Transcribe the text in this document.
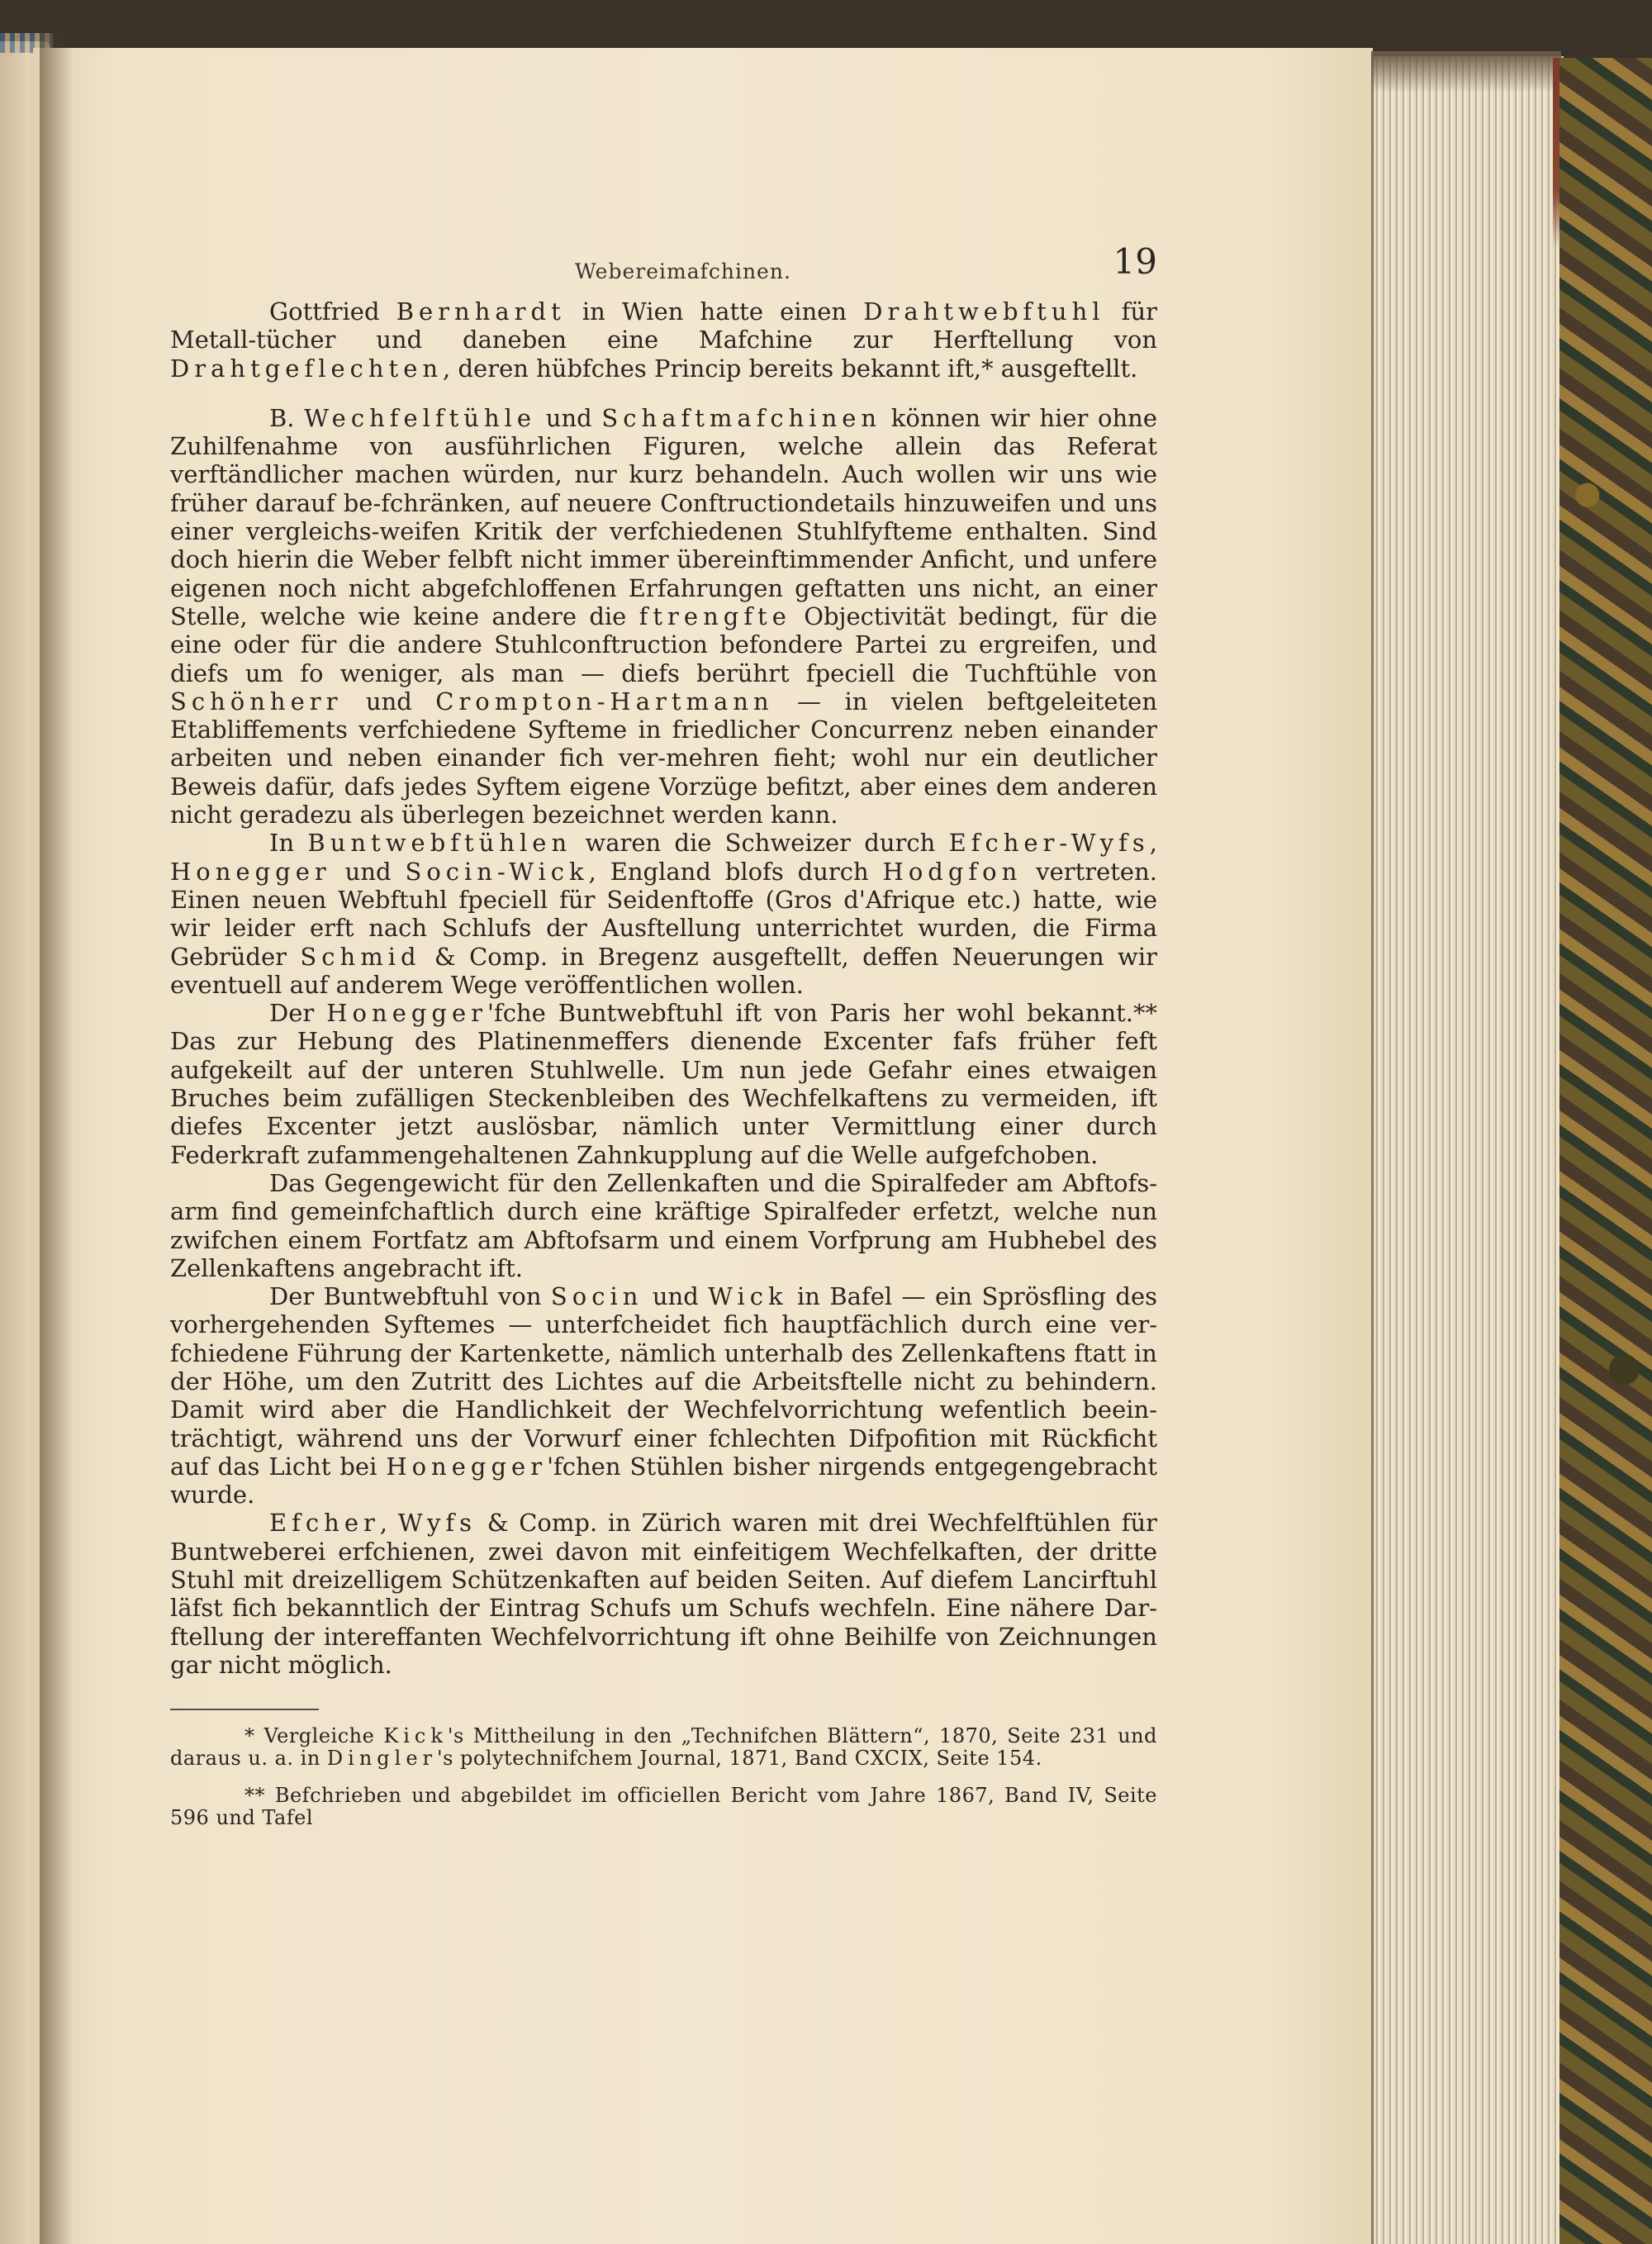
Webereimafchinen.	19

Gottfried Bernhardt in Wien hatte einen Drahtwebftuhl für Metall-tücher und daneben eine Mafchine zur Herftellung von Drahtgeflechten, deren hübfches Princip bereits bekannt ift,* ausgeftellt.

B. Wechfelftühle und Schaftmafchinen können wir hier ohne Zuhilfenahme von ausführlichen Figuren, welche allein das Referat verftändlicher machen würden, nur kurz behandeln. Auch wollen wir uns wie früher darauf be-fchränken, auf neuere Conftructiondetails hinzuweifen und uns einer vergleichs-weifen Kritik der verfchiedenen Stuhlfyfteme enthalten. Sind doch hierin die Weber felbft nicht immer übereinftimmender Anficht, und unfere eigenen noch nicht abgefchloffenen Erfahrungen geftatten uns nicht, an einer Stelle, welche wie keine andere die ftrengfte Objectivität bedingt, für die eine oder für die andere Stuhlconftruction befondere Partei zu ergreifen, und diefs um fo weniger, als man — diefs berührt fpeciell die Tuchftühle von Schönherr und Crompton-Hartmann — in vielen beftgeleiteten Etabliffements verfchiedene Syfteme in friedlicher Concurrenz neben einander arbeiten und neben einander fich ver-mehren fieht; wohl nur ein deutlicher Beweis dafür, dafs jedes Syftem eigene Vorzüge befitzt, aber eines dem anderen nicht geradezu als überlegen bezeichnet werden kann.

In Buntwebftühlen waren die Schweizer durch Efcher-Wyfs, Honegger und Socin-Wick, England blofs durch Hodgfon vertreten. Einen neuen Webftuhl fpeciell für Seidenftoffe (Gros d'Afrique etc.) hatte, wie wir leider erft nach Schlufs der Ausftellung unterrichtet wurden, die Firma Gebrüder Schmid & Comp. in Bregenz ausgeftellt, deffen Neuerungen wir eventuell auf anderem Wege veröffentlichen wollen.

Der Honegger'fche Buntwebftuhl ift von Paris her wohl bekannt.** Das zur Hebung des Platinenmeffers dienende Excenter fafs früher feft aufgekeilt auf der unteren Stuhlwelle. Um nun jede Gefahr eines etwaigen Bruches beim zufälligen Steckenbleiben des Wechfelkaftens zu vermeiden, ift diefes Excenter jetzt auslösbar, nämlich unter Vermittlung einer durch Federkraft zufammengehaltenen Zahnkupplung auf die Welle aufgefchoben.

Das Gegengewicht für den Zellenkaften und die Spiralfeder am Abftofs-arm find gemeinfchaftlich durch eine kräftige Spiralfeder erfetzt, welche nun zwifchen einem Fortfatz am Abftofsarm und einem Vorfprung am Hubhebel des Zellenkaftens angebracht ift.

Der Buntwebftuhl von Socin und Wick in Bafel — ein Sprösfling des vorhergehenden Syftemes — unterfcheidet fich hauptfächlich durch eine ver-fchiedene Führung der Kartenkette, nämlich unterhalb des Zellenkaftens ftatt in der Höhe, um den Zutritt des Lichtes auf die Arbeitsftelle nicht zu behindern. Damit wird aber die Handlichkeit der Wechfelvorrichtung wefentlich beein-trächtigt, während uns der Vorwurf einer fchlechten Difpofition mit Rückficht auf das Licht bei Honegger'fchen Stühlen bisher nirgends entgegengebracht wurde.

Efcher, Wyfs & Comp. in Zürich waren mit drei Wechfelftühlen für Buntweberei erfchienen, zwei davon mit einfeitigem Wechfelkaften, der dritte Stuhl mit dreizelligem Schützenkaften auf beiden Seiten. Auf diefem Lancirftuhl läfst fich bekanntlich der Eintrag Schufs um Schufs wechfeln. Eine nähere Dar-ftellung der intereffanten Wechfelvorrichtung ift ohne Beihilfe von Zeichnungen gar nicht möglich.

* Vergleiche Kick's Mittheilung in den „Technifchen Blättern“, 1870, Seite 231 und daraus u. a. in Dingler's polytechnifchem Journal, 1871, Band CXCIX, Seite 154.

** Befchrieben und abgebildet im officiellen Bericht vom Jahre 1867, Band IV, Seite 596 und Tafel
